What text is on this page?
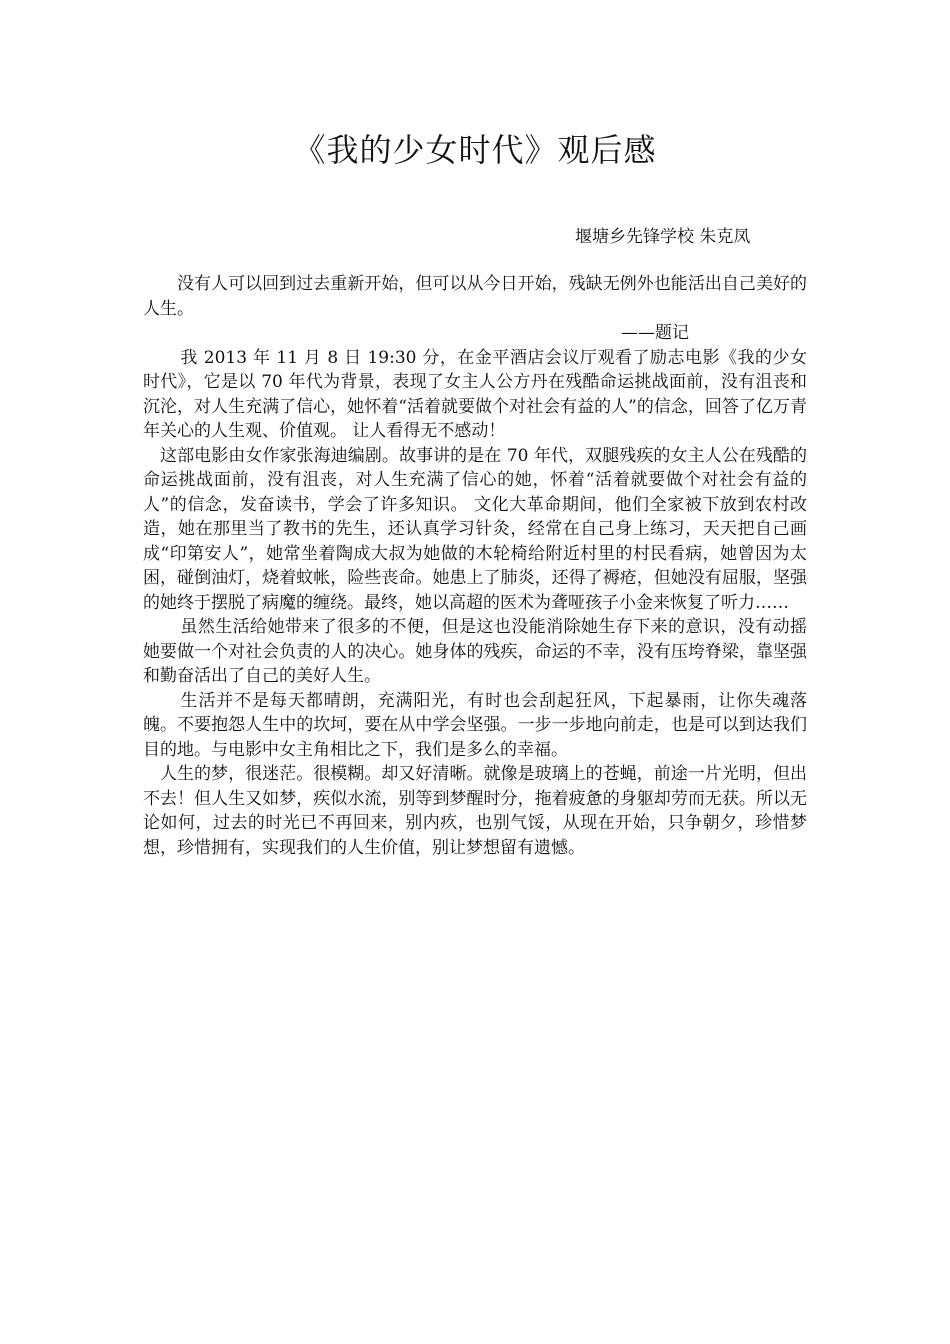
《我的少女时代》观后感
堰塘乡先锋学校 朱克凤

没有人可以回到过去重新开始，但可以从今日开始，残缺无例外也能活出自己美好的人生。

——题记

我 2013 年 11 月 8 日 19:30 分，在金平酒店会议厅观看了励志电影《我的少女时代》，它是以 70 年代为背景，表现了女主人公方丹在残酷命运挑战面前，没有沮丧和沉沦，对人生充满了信心，她怀着“活着就要做个对社会有益的人”的信念，回答了亿万青年关心的人生观、价值观。 让人看得无不感动！

这部电影由女作家张海迪编剧。故事讲的是在 70 年代，双腿残疾的女主人公在残酷的命运挑战面前，没有沮丧，对人生充满了信心的她，怀着“活着就要做个对社会有益的人”的信念，发奋读书，学会了许多知识。 文化大革命期间，他们全家被下放到农村改造，她在那里当了教书的先生，还认真学习针灸，经常在自己身上练习，天天把自己画成“印第安人”，她常坐着陶成大叔为她做的木轮椅给附近村里的村民看病，她曾因为太困，碰倒油灯，烧着蚊帐，险些丧命。她患上了肺炎，还得了褥疮，但她没有屈服，坚强的她终于摆脱了病魔的缠绕。最终，她以高超的医术为聋哑孩子小金来恢复了听力……

虽然生活给她带来了很多的不便，但是这也没能消除她生存下来的意识，没有动摇她要做一个对社会负责的人的决心。她身体的残疾，命运的不幸，没有压垮脊梁，靠坚强和勤奋活出了自己的美好人生。

生活并不是每天都晴朗，充满阳光，有时也会刮起狂风，下起暴雨，让你失魂落魄。不要抱怨人生中的坎坷，要在从中学会坚强。一步一步地向前走，也是可以到达我们目的地。与电影中女主角相比之下，我们是多么的幸福。

人生的梦，很迷茫。很模糊。却又好清晰。就像是玻璃上的苍蝇，前途一片光明，但出不去！但人生又如梦，疾似水流，别等到梦醒时分，拖着疲惫的身躯却劳而无获。所以无论如何，过去的时光已不再回来，别内疚，也别气馁，从现在开始，只争朝夕，珍惜梦想，珍惜拥有，实现我们的人生价值，别让梦想留有遗憾。
